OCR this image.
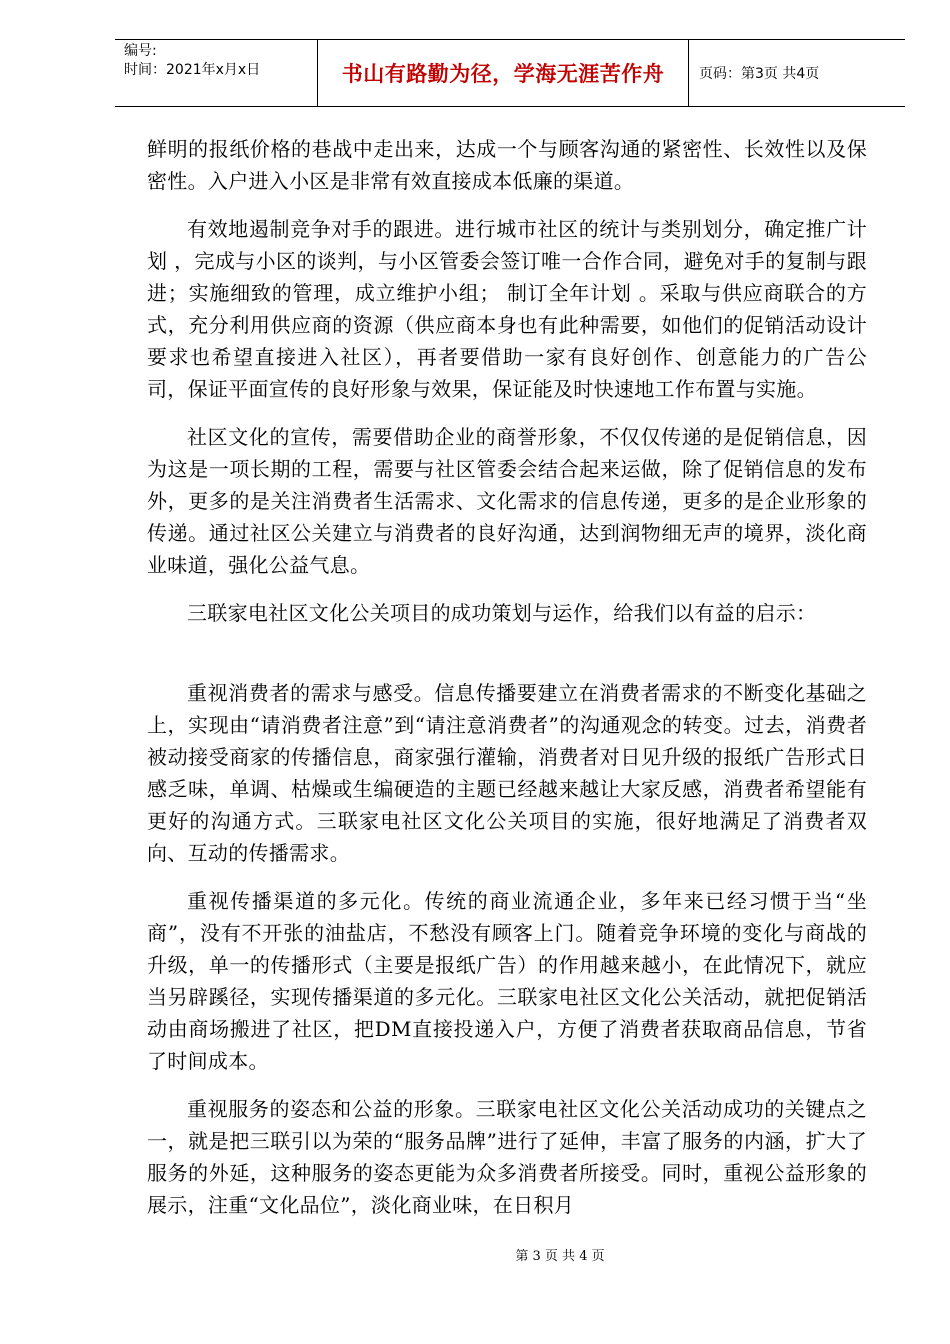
编号:
时间：2021年x月x日	书山有路勤为径，学海无涯苦作舟	页码：第3页 共4页

鲜明的报纸价格的巷战中走出来，达成一个与顾客沟通的紧密性、长效性以及保密性。入户进入小区是非常有效直接成本低廉的渠道。

有效地遏制竞争对手的跟进。进行城市社区的统计与类别划分，确定推广计划 ，完成与小区的谈判，与小区管委会签订唯一合作合同，避免对手的复制与跟进；实施细致的管理，成立维护小组； 制订全年计划 。采取与供应商联合的方式，充分利用供应商的资源（供应商本身也有此种需要，如他们的促销活动设计要求也希望直接进入社区），再者要借助一家有良好创作、创意能力的广告公司，保证平面宣传的良好形象与效果，保证能及时快速地工作布置与实施。

社区文化的宣传，需要借助企业的商誉形象，不仅仅传递的是促销信息，因为这是一项长期的工程，需要与社区管委会结合起来运做，除了促销信息的发布外，更多的是关注消费者生活需求、文化需求的信息传递，更多的是企业形象的传递。通过社区公关建立与消费者的良好沟通，达到润物细无声的境界，淡化商业味道，强化公益气息。

三联家电社区文化公关项目的成功策划与运作，给我们以有益的启示：

重视消费者的需求与感受。信息传播要建立在消费者需求的不断变化基础之上，实现由“请消费者注意”到“请注意消费者”的沟通观念的转变。过去，消费者被动接受商家的传播信息，商家强行灌输，消费者对日见升级的报纸广告形式日感乏味，单调、枯燥或生编硬造的主题已经越来越让大家反感，消费者希望能有更好的沟通方式。三联家电社区文化公关项目的实施，很好地满足了消费者双向、互动的传播需求。

重视传播渠道的多元化。传统的商业流通企业，多年来已经习惯于当“坐商”，没有不开张的油盐店，不愁没有顾客上门。随着竞争环境的变化与商战的升级，单一的传播形式（主要是报纸广告）的作用越来越小，在此情况下，就应当另辟蹊径，实现传播渠道的多元化。三联家电社区文化公关活动，就把促销活动由商场搬进了社区，把DM直接投递入户，方便了消费者获取商品信息，节省了时间成本。

重视服务的姿态和公益的形象。三联家电社区文化公关活动成功的关键点之一，就是把三联引以为荣的“服务品牌”进行了延伸，丰富了服务的内涵，扩大了服务的外延，这种服务的姿态更能为众多消费者所接受。同时，重视公益形象的展示，注重“文化品位”，淡化商业味，在日积月

第 3 页 共 4 页
